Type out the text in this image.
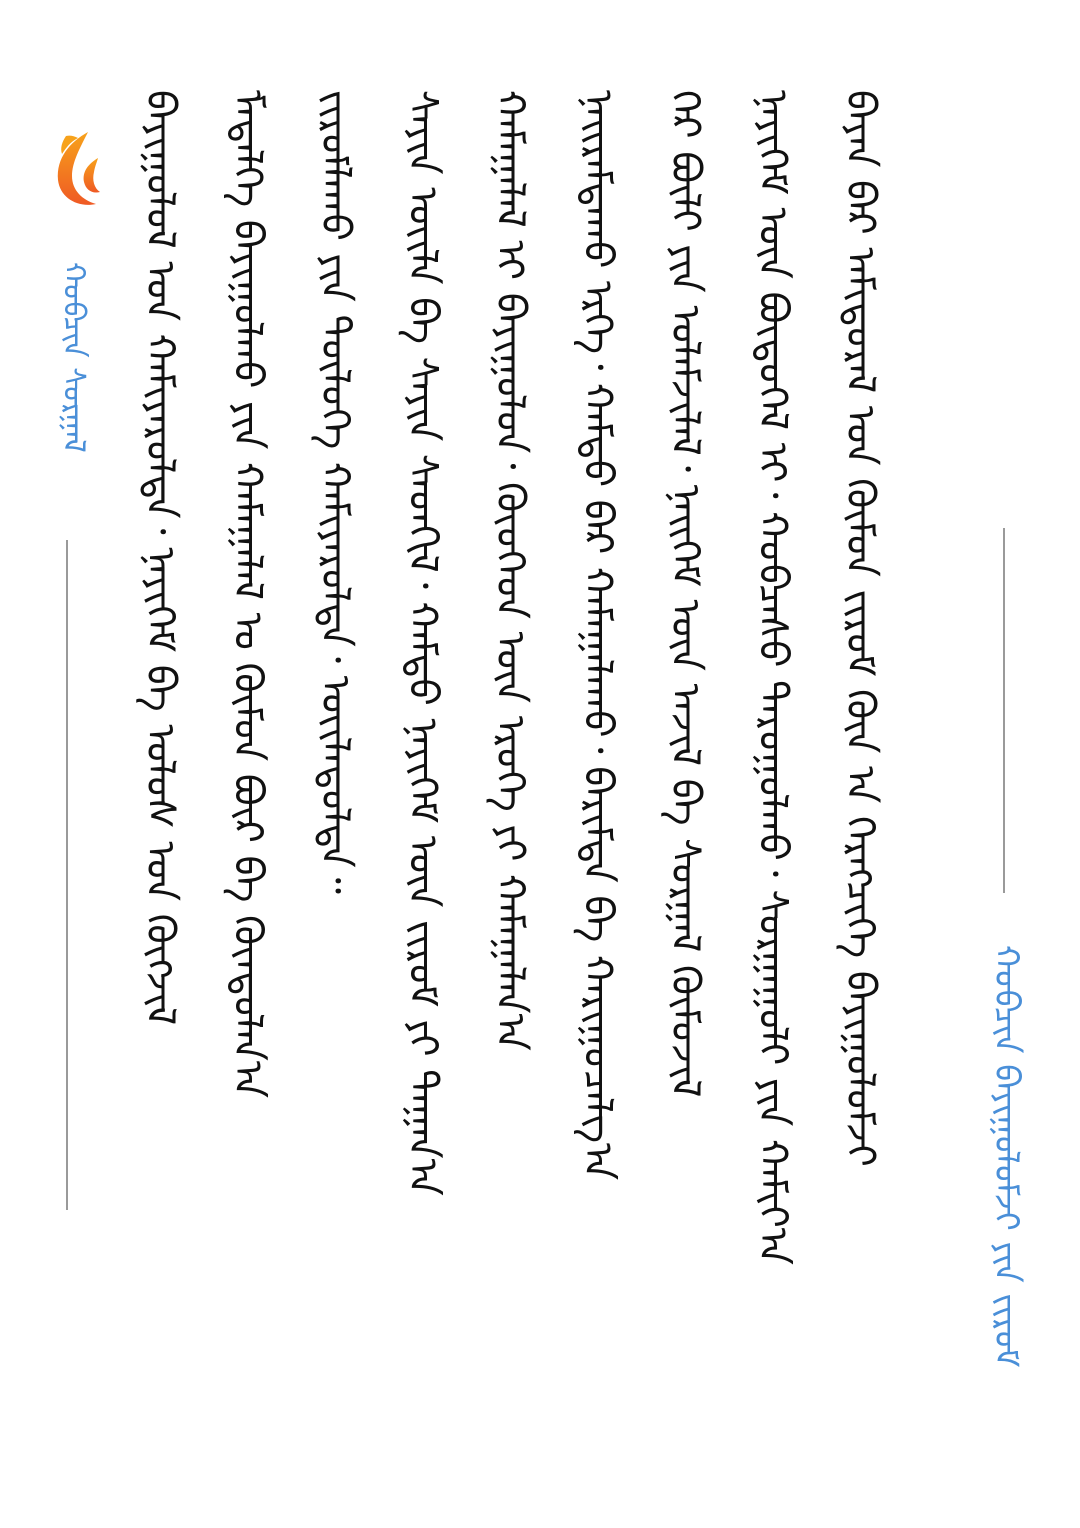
ᠬᠣᠪᠴᠢᠨ ᠪᠠᠶᠢᠭᠤᠯᠤᠮᠵᠢ ᠶᠢᠨ ᠵᠢᠷᠤᠮ
ᠪᠠᠶᠠᠨ ᠪᠡᠷ ᠠᠮᠢᠳᠤᠷᠠᠯ ᠤᠨ ᠬᠦᠮᠦᠨ ᠵᠢᠷᠤᠮ ᠬᠦᠨ ᠠ ᠬᠡᠷᠡᠭᠴᠢᠭᠡ ᠪᠠᠶᠢᠭᠤᠯᠤᠮᠵᠢ
ᠨᠡᠶᠢᠭᠡᠮ ᠦᠨ ᠪᠦᠲᠦᠭᠡᠯ ᠢ᠂ ᠬᠤᠪᠴᠠᠰᠤ ᠲᠠᠷᠤᠭᠤᠯᠬᠤ᠂ ᠰᠤᠷᠭᠠᠭᠤᠯᠢ ᠶᠢᠨ ᠬᠠᠮᠢᠶ᠎ᠠ
ᠭᠡᠷ ᠪᠦᠯᠢ ᠶᠢᠨ ᠤᠯᠠᠮᠵᠢᠯᠠᠯ᠂ ᠨᠡᠢᠭᠡᠮ ᠦᠨ ᠠᠵᠢᠯ ᠪᠠ ᠰᠤᠷᠭᠠᠯ ᠬᠦᠮᠦᠵᠢᠯ
ᠨᠠᠢᠷᠠᠮᠳᠠᠬᠤ ᠡᠷᠬᠡ᠂ ᠬᠠᠮᠲᠤ ᠪᠡᠷ ᠬᠠᠮᠠᠭᠠᠯᠠᠬᠤ᠂ ᠪᠠᠷᠢᠮᠲᠠ ᠪᠠ ᠬᠠᠷᠢᠭᠤᠴᠠᠯᠭ᠎ᠠ
ᠬᠠᠮᠠᠭᠠᠯᠠᠯ ᠢ ᠪᠠᠶᠢᠭᠤᠯᠤᠨ᠂ ᠬᠦᠦᠬᠡᠳ ᠦᠨ ᠡᠷᠦᠬᠡ ᠶᠢ ᠬᠠᠮᠠᠭᠠᠯᠠᠨ᠎ᠠ
ᠰᠠᠶᠢᠨ ᠦᠢᠯᠡ ᠪᠠ ᠰᠠᠶᠢᠨ ᠰᠡᠳᠬᠢᠯ᠂ ᠬᠠᠮᠲᠤ ᠨᠡᠶᠢᠭᠡᠮ ᠦᠨ ᠵᠢᠷᠤᠮ ᠶᠢ ᠳᠠᠭᠠᠨ᠎ᠠ
ᠵᠢᠷᠤᠮᠯᠠᠬᠤ ᠶᠢᠨ ᠲᠥᠯᠥᠭᠡ ᠬᠠᠮᠢᠶᠠᠷᠤᠯᠲᠠ᠂ ᠦᠢᠯᠡᠳᠦᠯᠲᠡ᠃
ᠮᠡᠳᠡᠯᠭᠡ ᠪᠠᠶᠢᠭᠤᠯᠬᠤ ᠶᠢᠨ ᠬᠠᠮᠠᠭᠠᠯᠠᠯ ᠤ ᠬᠦᠮᠦᠨ ᠪᠦᠷ ᠪᠠ ᠬᠦᠨᠳᠦᠯᠡᠨ᠎ᠠ
ᠪᠠᠶᠢᠭᠤᠯᠤᠯ ᠤᠨ ᠬᠠᠮᠢᠶᠠᠷᠤᠯᠲᠠ᠂ ᠨᠡᠶᠢᠭᠡᠮ ᠪᠠ ᠤᠯᠤᠰ ᠤᠨ ᠬᠥᠭᠵᠢᠯ
ᠬᠣᠪᠴᠢᠨ ᠰᠤᠷᠭᠠᠯ
